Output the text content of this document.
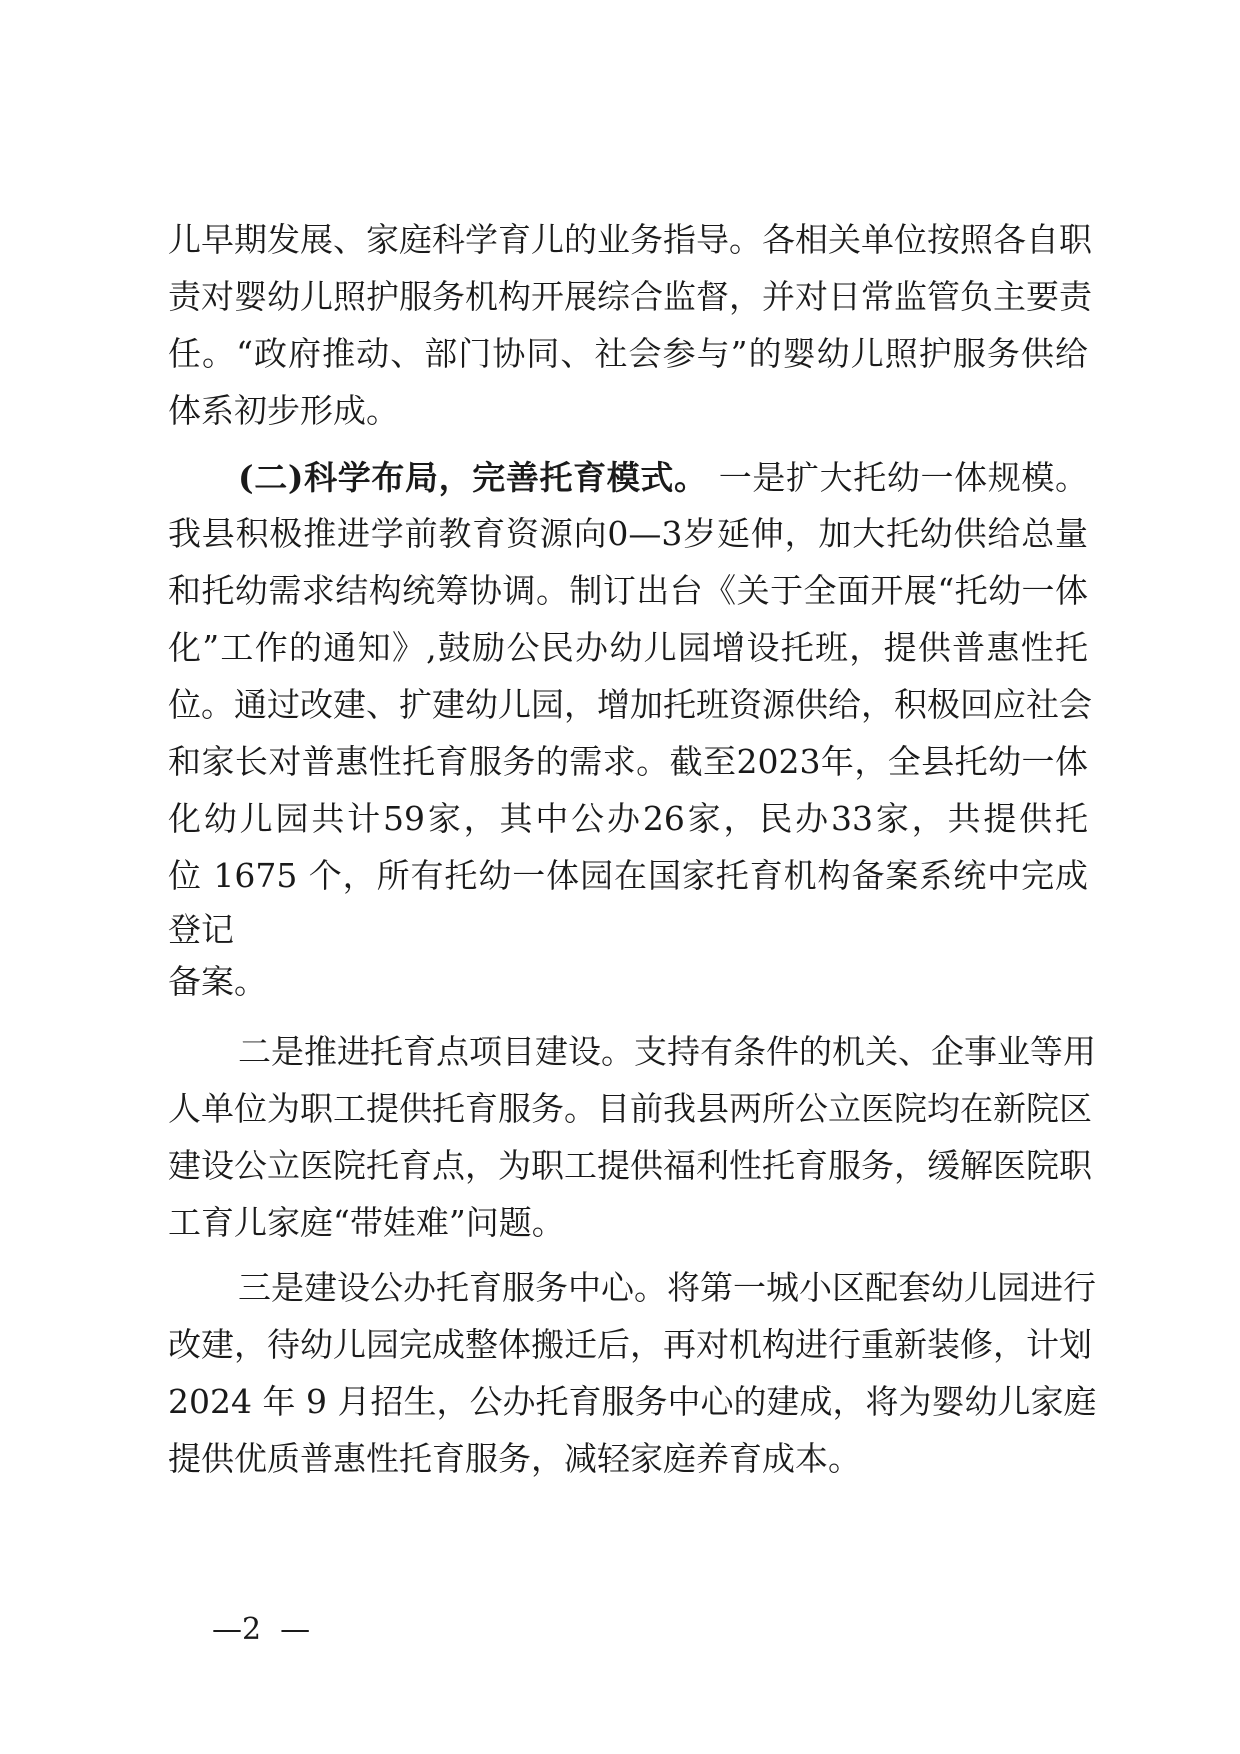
儿早期发展、家庭科学育儿的业务指导。各相关单位按照各自职
责对婴幼儿照护服务机构开展综合监督，并对日常监管负主要责
任。“政府推动、部门协同、社会参与”的婴幼儿照护服务供给
体系初步形成。
(二)科学布局，完善托育模式。 一是扩大托幼一体规模。
我县积极推进学前教育资源向0—3岁延伸，加大托幼供给总量
和托幼需求结构统筹协调。制订出台《关于全面开展“托幼一体
化”工作的通知》,鼓励公民办幼儿园增设托班，提供普惠性托
位。通过改建、扩建幼儿园，增加托班资源供给，积极回应社会
和家长对普惠性托育服务的需求。截至2023年，全县托幼一体
化幼儿园共计59家，其中公办26家，民办33家，共提供托
位 1675 个，所有托幼一体园在国家托育机构备案系统中完成
登记
备案。
二是推进托育点项目建设。支持有条件的机关、企事业等用
人单位为职工提供托育服务。目前我县两所公立医院均在新院区
建设公立医院托育点，为职工提供福利性托育服务，缓解医院职
工育儿家庭“带娃难”问题。
三是建设公办托育服务中心。将第一城小区配套幼儿园进行
改建，待幼儿园完成整体搬迁后，再对机构进行重新装修，计划
2024 年 9 月招生，公办托育服务中心的建成，将为婴幼儿家庭
提供优质普惠性托育服务，减轻家庭养育成本。
—2  —
